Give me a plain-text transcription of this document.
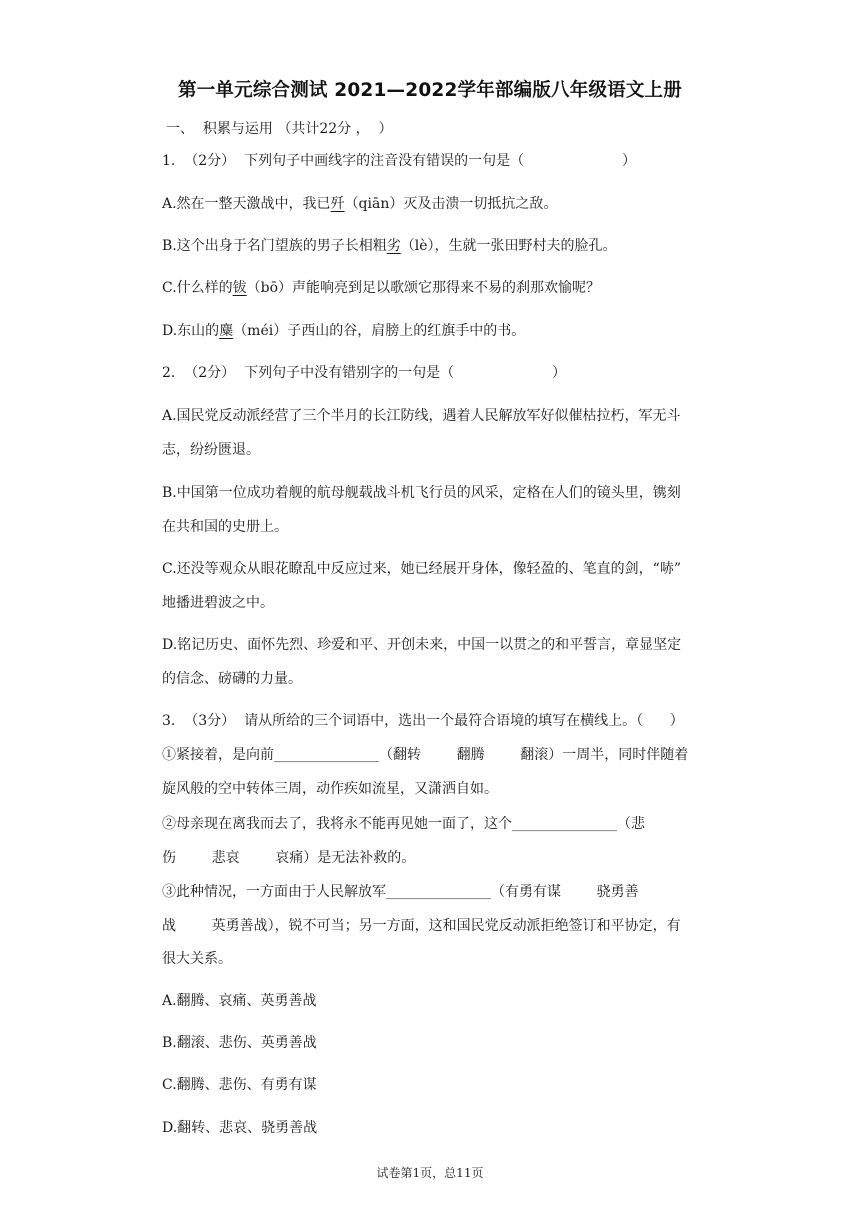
第一单元综合测试 2021—2022学年部编版八年级语文上册
一、  积累与运用 （共计22分 ，  ）
1.  （2分）  下列句子中画线字的注音没有错误的一句是（                      ）
A.然在一整天激战中，我已歼（qiān）灭及击溃一切抵抗之敌。
B.这个出身于名门望族的男子长相粗劣（lè），生就一张田野村夫的脸孔。
C.什么样的钹（bō）声能响亮到足以歌颂它那得来不易的刹那欢愉呢？
D.东山的麋（méi）子西山的谷，肩膀上的红旗手中的书。
2.  （2分）  下列句子中没有错别字的一句是（                      ）
A.国民党反动派经营了三个半月的长江防线，遇着人民解放军好似催枯拉朽，军无斗
志，纷纷匮退。
B.中国第一位成功着舰的航母舰载战斗机飞行员的风采，定格在人们的镜头里，镌刻
在共和国的史册上。
C.还没等观众从眼花瞭乱中反应过来，她已经展开身体，像轻盈的、笔直的剑，“哧”
地播进碧波之中。
D.铭记历史、面怀先烈、珍爱和平、开创未来，中国一以贯之的和平誓言，章显坚定
的信念、磅礴的力量。
3.  （3分）  请从所给的三个词语中，选出一个最符合语境的填写在横线上。（      ）
①紧接着，是向前_______________（翻转        翻腾        翻滚）一周半，同时伴随着
旋风般的空中转体三周，动作疾如流星，又潇洒自如。
②母亲现在离我而去了，我将永不能再见她一面了，这个_______________（悲
伤        悲哀        哀痛）是无法补救的。
③此种情况，一方面由于人民解放军_______________（有勇有谋        骁勇善
战        英勇善战），锐不可当；另一方面，这和国民党反动派拒绝签订和平协定，有
很大关系。
A.翻腾、哀痛、英勇善战
B.翻滚、悲伤、英勇善战
C.翻腾、悲伤、有勇有谋
D.翻转、悲哀、骁勇善战
试卷第1页，总11页
